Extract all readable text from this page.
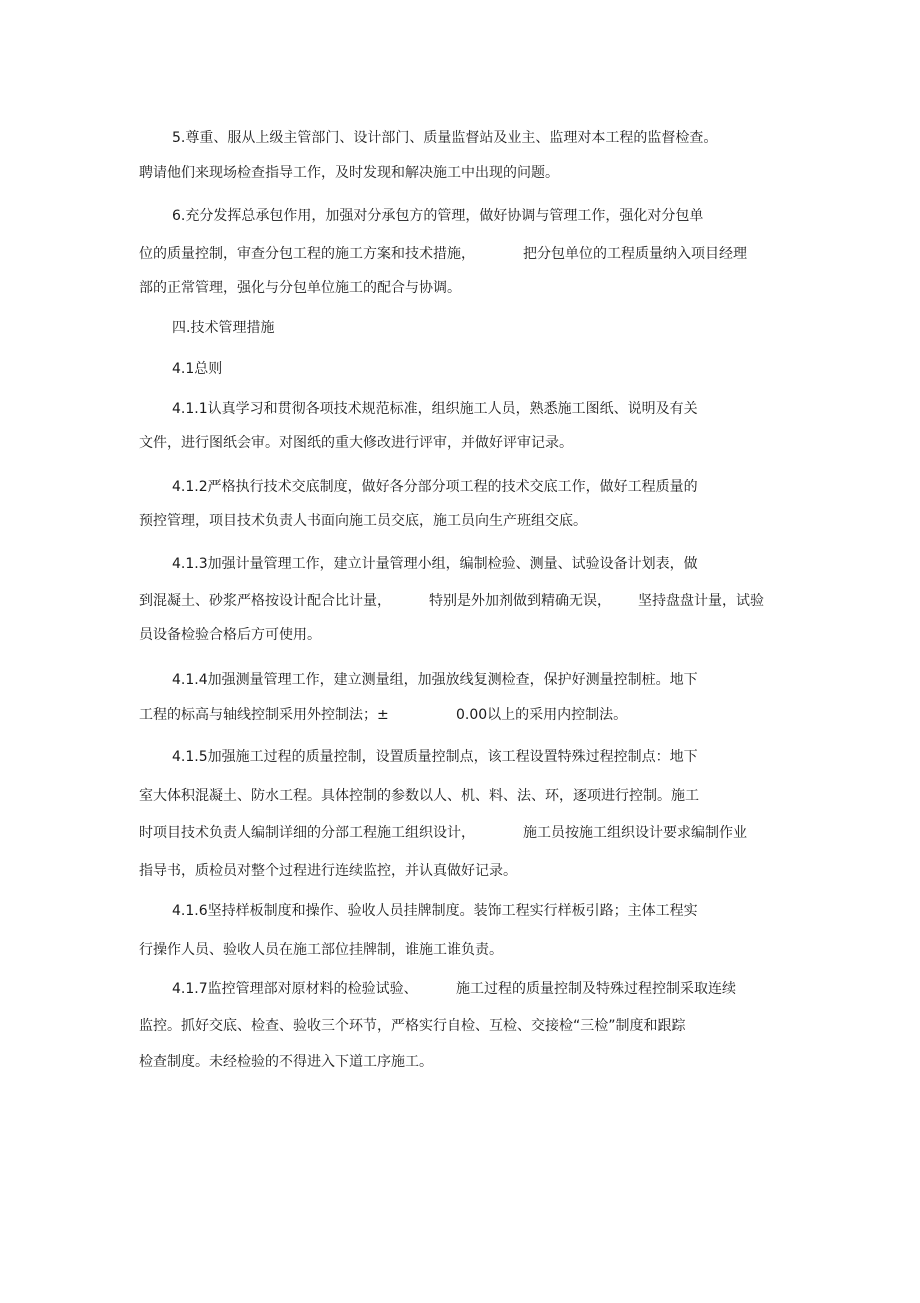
5.尊重、服从上级主管部门、设计部门、质量监督站及业主、监理对本工程的监督检查。
聘请他们来现场检查指导工作，及时发现和解决施工中出现的问题。
6.充分发挥总承包作用，加强对分承包方的管理，做好协调与管理工作，强化对分包单
位的质量控制，审查分包工程的施工方案和技术措施，	把分包单位的工程质量纳入项目经理
部的正常管理，强化与分包单位施工的配合与协调。
四.技术管理措施
4.1总则
4.1.1认真学习和贯彻各项技术规范标准，组织施工人员，熟悉施工图纸、说明及有关
文件，进行图纸会审。对图纸的重大修改进行评审，并做好评审记录。
4.1.2严格执行技术交底制度，做好各分部分项工程的技术交底工作，做好工程质量的
预控管理，项目技术负责人书面向施工员交底，施工员向生产班组交底。
4.1.3加强计量管理工作，建立计量管理小组，编制检验、测量、试验设备计划表，做
到混凝土、砂浆严格按设计配合比计量，	特别是外加剂做到精确无误， 坚持盘盘计量，试验
员设备检验合格后方可使用。
4.1.4加强测量管理工作，建立测量组，加强放线复测检查，保护好测量控制桩。地下
工程的标高与轴线控制采用外控制法；±	0.00以上的采用内控制法。
4.1.5加强施工过程的质量控制，设置质量控制点，该工程设置特殊过程控制点：地下
室大体积混凝土、防水工程。具体控制的参数以人、机、料、法、环，逐项进行控制。施工
时项目技术负责人编制详细的分部工程施工组织设计，	施工员按施工组织设计要求编制作业
指导书，质检员对整个过程进行连续监控，并认真做好记录。
4.1.6坚持样板制度和操作、验收人员挂牌制度。装饰工程实行样板引路；主体工程实
行操作人员、验收人员在施工部位挂牌制，谁施工谁负责。
4.1.7监控管理部对原材料的检验试验、	施工过程的质量控制及特殊过程控制采取连续
监控。抓好交底、检查、验收三个环节，严格实行自检、互检、交接检“三检”制度和跟踪
检查制度。未经检验的不得进入下道工序施工。
